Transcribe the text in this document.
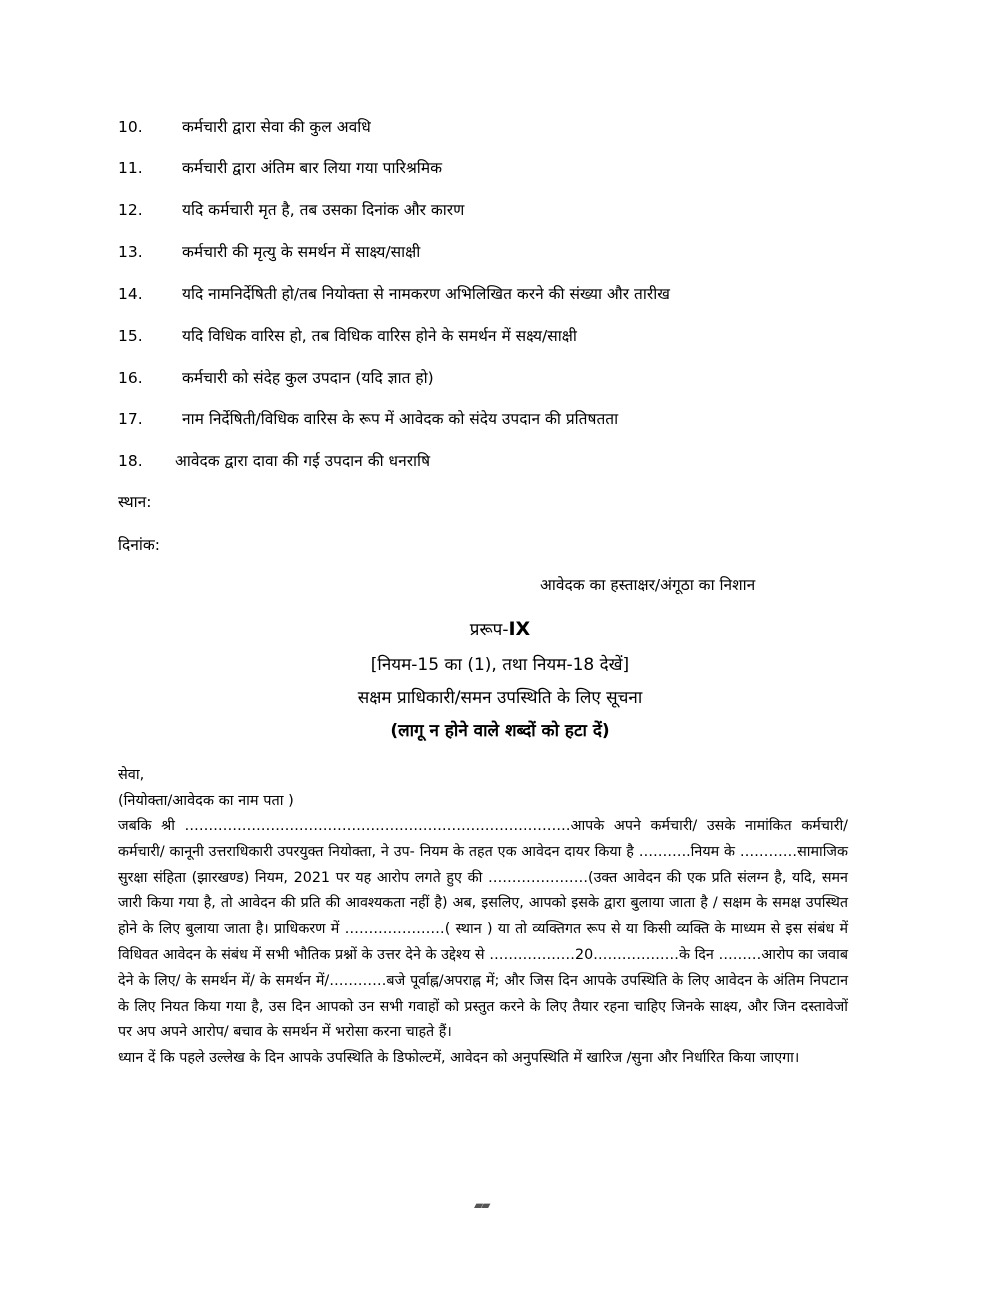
10.	कर्मचारी द्वारा सेवा की कुल अवधि
11.	कर्मचारी द्वारा अंतिम बार लिया गया पारिश्रमिक
12.	यदि कर्मचारी मृत है, तब उसका दिनांक और कारण
13.	कर्मचारी की मृत्यु के समर्थन में साक्ष्य/साक्षी
14.	यदि नामनिर्देषिती हो/तब नियोक्ता से नामकरण अभिलिखित करने की संख्या और तारीख
15.	यदि विधिक वारिस हो, तब विधिक वारिस होने के समर्थन में सक्ष्य/साक्षी
16.	कर्मचारी को संदेह कुल उपदान (यदि ज्ञात हो)
17.	नाम निर्देषिती/विधिक वारिस के रूप में आवेदक को संदेय उपदान की प्रतिषतता
18. आवेदक द्वारा दावा की गई उपदान की धनराषि
स्थान:
दिनांक:
आवेदक का हस्ताक्षर/अंगूठा का निशान
प्ररूप-IX
[नियम-15 का (1), तथा नियम-18 देखें]
सक्षम प्राधिकारी/समन उपस्थिति के लिए सूचना
(लागू न होने वाले शब्दों को हटा दें)
सेवा,
(नियोक्ता/आवेदक का नाम पता )

जबकि श्री ………………………………………………………………………आपके अपने कर्मचारी/ उसके नामांकित कर्मचारी/ कर्मचारी/ कानूनी उत्तराधिकारी उपरयुक्त नियोक्ता, ने उप- नियम के तहत एक आवेदन दायर किया है ………..नियम के …………सामाजिक सुरक्षा संहिता (झारखण्ड) नियम, 2021 पर यह आरोप लगते हुए की …………………(उक्त आवेदन की एक प्रति संलग्न है, यदि, समन जारी किया गया है, तो आवेदन की प्रति की आवश्यकता नहीं है) अब, इसलिए, आपको इसके द्वारा बुलाया जाता है / सक्षम के समक्ष उपस्थित होने के लिए बुलाया जाता है। प्राधिकरण में …………………( स्थान ) या तो व्यक्तिगत रूप से या किसी व्यक्ति के माध्यम से इस संबंध में विधिवत आवेदन के संबंध में सभी भौतिक प्रश्नों के उत्तर देने के उद्देश्य से ………………20………………के दिन ………आरोप का जवाब देने के लिए/ के समर्थन में/ के समर्थन में/…………बजे पूर्वाह्न/अपराह्न में; और जिस दिन आपके उपस्थिति के लिए आवेदन के अंतिम निपटान के लिए नियत किया गया है, उस दिन आपको उन सभी गवाहों को प्रस्तुत करने के लिए तैयार रहना चाहिए जिनके साक्ष्य, और जिन दस्तावेजों पर अप अपने आरोप/ बचाव के समर्थन में भरोसा करना चाहते हैं।

ध्यान दें कि पहले उल्लेख के दिन आपके उपस्थिति के डिफोल्टमें, आवेदन को अनुपस्थिति में खारिज /सुना और निर्धारित किया जाएगा।

▰▰
